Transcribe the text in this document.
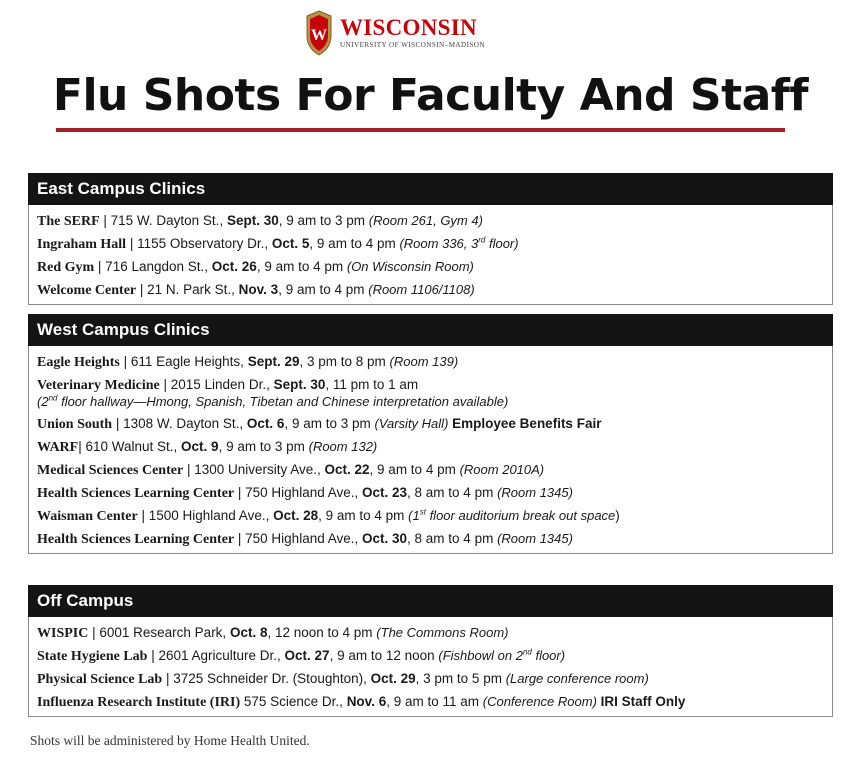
W WISCONSIN
UNIVERSITY OF WISCONSIN–MADISON
Flu Shots For Faculty And Staff
East Campus Clinics
The SERF | 715 W. Dayton St., Sept. 30, 9 am to 3 pm (Room 261, Gym 4)
Ingraham Hall | 1155 Observatory Dr., Oct. 5, 9 am to 4 pm (Room 336, 3rd floor)
Red Gym | 716 Langdon St., Oct. 26, 9 am to 4 pm (On Wisconsin Room)
Welcome Center | 21 N. Park St., Nov. 3, 9 am to 4 pm (Room 1106/1108)
West Campus Clinics
Eagle Heights | 611 Eagle Heights, Sept. 29, 3 pm to 8 pm (Room 139)
Veterinary Medicine | 2015 Linden Dr., Sept. 30, 11 pm to 1 am
(2nd floor hallway—Hmong, Spanish, Tibetan and Chinese interpretation available)
Union South | 1308 W. Dayton St., Oct. 6, 9 am to 3 pm (Varsity Hall) Employee Benefits Fair
WARF| 610 Walnut St., Oct. 9, 9 am to 3 pm (Room 132)
Medical Sciences Center | 1300 University Ave., Oct. 22, 9 am to 4 pm (Room 2010A)
Health Sciences Learning Center | 750 Highland Ave., Oct. 23, 8 am to 4 pm (Room 1345)
Waisman Center | 1500 Highland Ave., Oct. 28, 9 am to 4 pm (1st floor auditorium break out space)
Health Sciences Learning Center | 750 Highland Ave., Oct. 30, 8 am to 4 pm (Room 1345)
Off Campus
WISPIC | 6001 Research Park, Oct. 8, 12 noon to 4 pm (The Commons Room)
State Hygiene Lab | 2601 Agriculture Dr., Oct. 27, 9 am to 12 noon (Fishbowl on 2nd floor)
Physical Science Lab | 3725 Schneider Dr. (Stoughton), Oct. 29, 3 pm to 5 pm (Large conference room)
Influenza Research Institute (IRI) 575 Science Dr., Nov. 6, 9 am to 11 am (Conference Room) IRI Staff Only
Shots will be administered by Home Health United.
